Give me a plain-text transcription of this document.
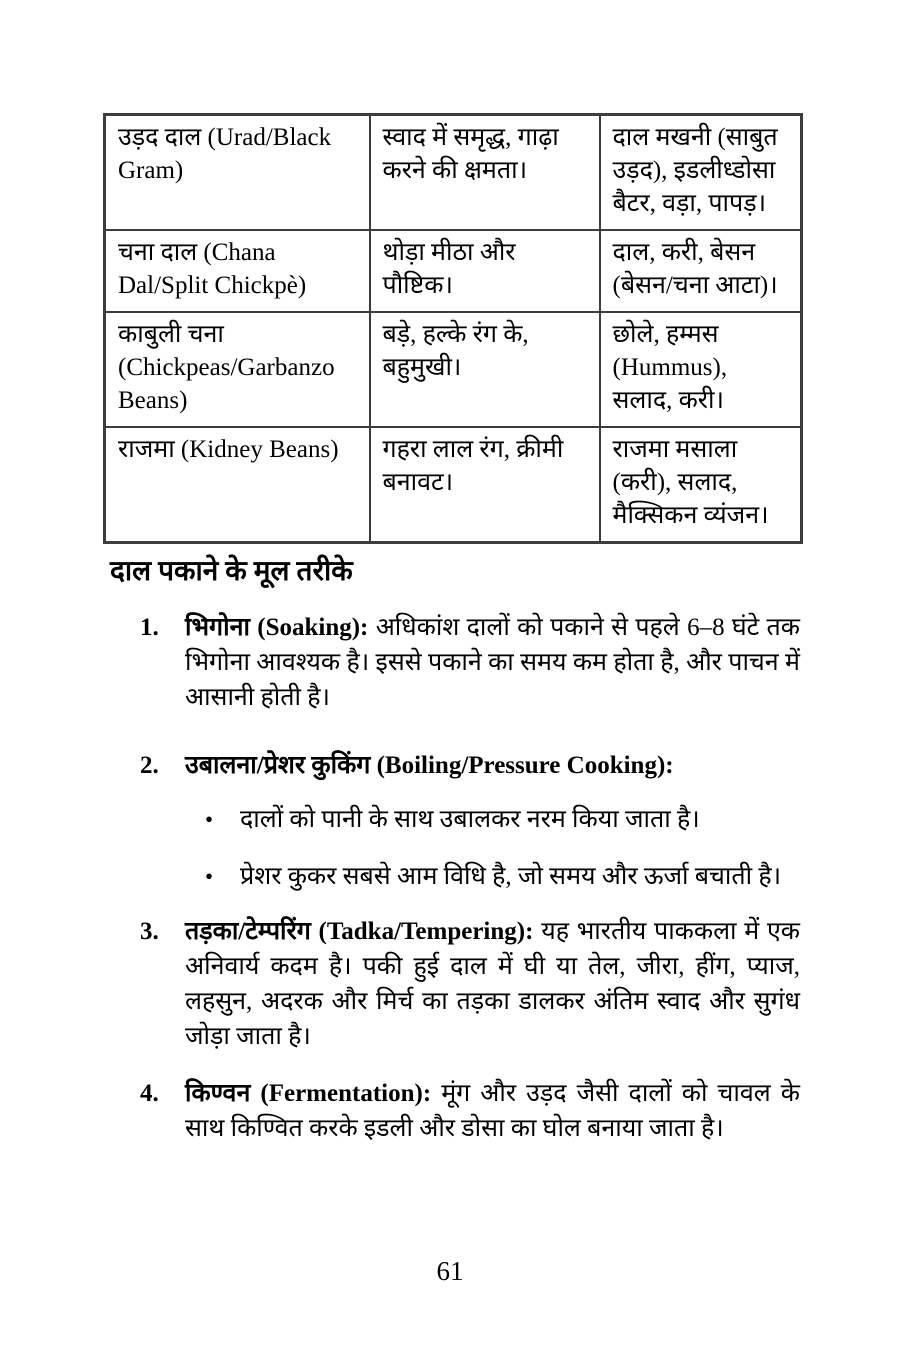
उड़द दाल (Urad/Black Gram)	स्वाद में समृद्ध, गाढ़ा करने की क्षमता।	दाल मखनी (साबुत उड़द), इडलीध्डोसा बैटर, वड़ा, पापड़।
चना दाल (Chana Dal/Split Chickpè)	थोड़ा मीठा और पौष्टिक।	दाल, करी, बेसन (बेसन/चना आटा)।
काबुली चना (Chickpeas/Garbanzo Beans)	बड़े, हल्के रंग के, बहुमुखी।	छोले, हम्मस (Hummus), सलाद, करी।
राजमा (Kidney Beans)	गहरा लाल रंग, क्रीमी बनावट।	राजमा मसाला (करी), सलाद, मैक्सिकन व्यंजन।
दाल पकाने के मूल तरीके
1.	भिगोना (Soaking): अधिकांश दालों को पकाने से पहले 6–8 घंटे तक भिगोना आवश्यक है। इससे पकाने का समय कम होता है, और पाचन में आसानी होती है।
2.	उबालना/प्रेशर कुकिंग (Boiling/Pressure Cooking):
•	दालों को पानी के साथ उबालकर नरम किया जाता है।
•	प्रेशर कुकर सबसे आम विधि है, जो समय और ऊर्जा बचाती है।
3.	तड़का/टेम्परिंग (Tadka/Tempering): यह भारतीय पाककला में एक अनिवार्य कदम है। पकी हुई दाल में घी या तेल, जीरा, हींग, प्याज, लहसुन, अदरक और मिर्च का तड़का डालकर अंतिम स्वाद और सुगंध जोड़ा जाता है।
4.	किण्वन (Fermentation): मूंग और उड़द जैसी दालों को चावल के साथ किण्वित करके इडली और डोसा का घोल बनाया जाता है।
61
